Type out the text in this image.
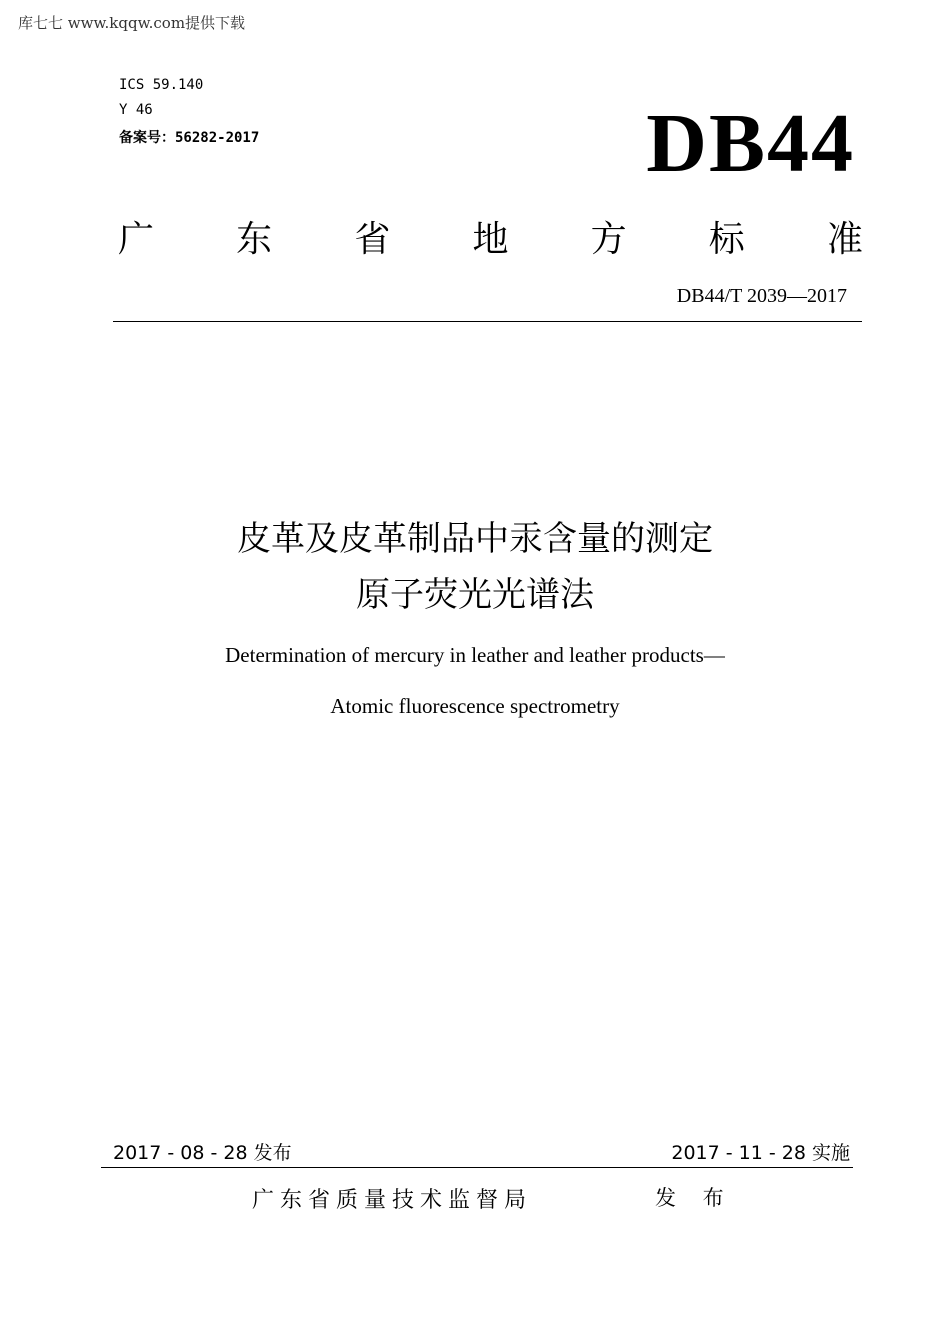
库七七 www.kqqw.com提供下载
ICS 59.140
Y 46
备案号：56282-2017	DB44
广 东 省 地 方 标 准
DB44/T 2039—2017
皮革及皮革制品中汞含量的测定
原子荧光光谱法
Determination of mercury in leather and leather products—
Atomic fluorescence spectrometry
2017 - 08 - 28 发布	2017 - 11 - 28 实施
广东省质量技术监督局	发 布
